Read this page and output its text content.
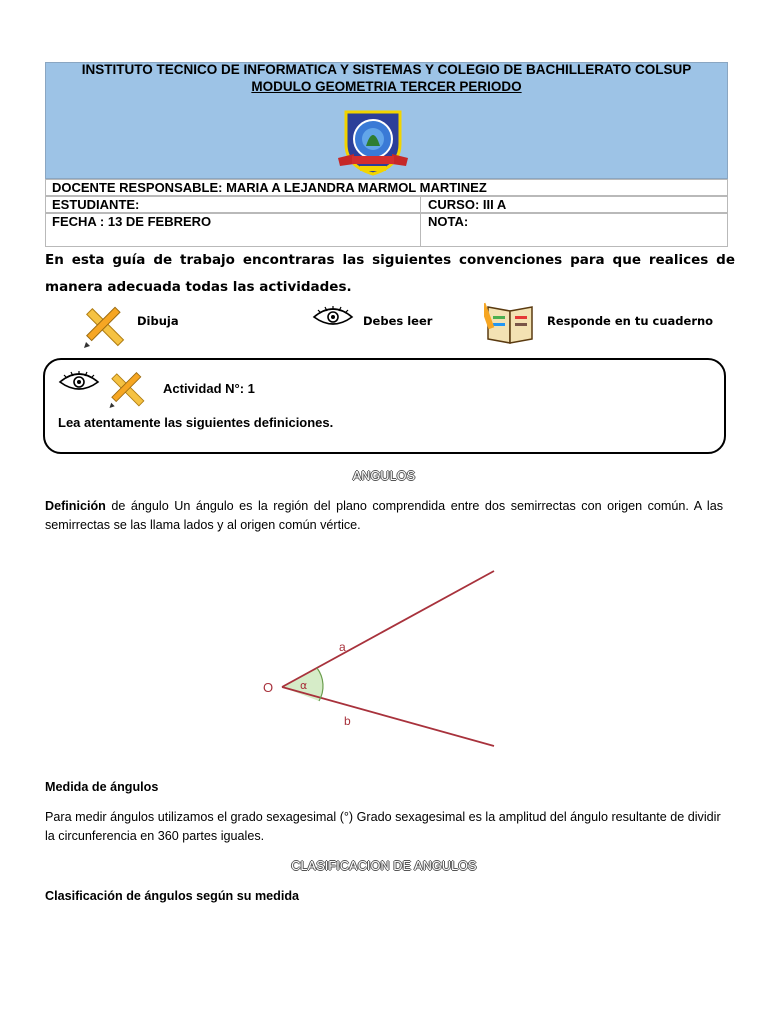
INSTITUTO TECNICO DE INFORMATICA Y SISTEMAS Y COLEGIO DE BACHILLERATO COLSUP
MODULO GEOMETRIA TERCER PERIODO
DOCENTE RESPONSABLE: MARIA A LEJANDRA MARMOL MARTINEZ
ESTUDIANTE:	CURSO: III A
FECHA : 13 DE FEBRERO	NOTA:
En esta guía de trabajo encontraras las siguientes convenciones para que realices de
manera adecuada todas las actividades.
Dibuja	Debes leer	Responde en tu cuaderno
Actividad N°: 1
Lea atentamente las siguientes definiciones.
ANGULOS
Definición de ángulo Un ángulo es la región del plano comprendida entre dos semirrectas con origen común. A las
semirrectas se las llama lados y al origen común vértice.
O
a
b
α
Medida de ángulos
Para medir ángulos utilizamos el grado sexagesimal (°) Grado sexagesimal es la amplitud del ángulo resultante de dividir
la circunferencia en 360 partes iguales.
CLASIFICACION DE ANGULOS
Clasificación de ángulos según su medida
